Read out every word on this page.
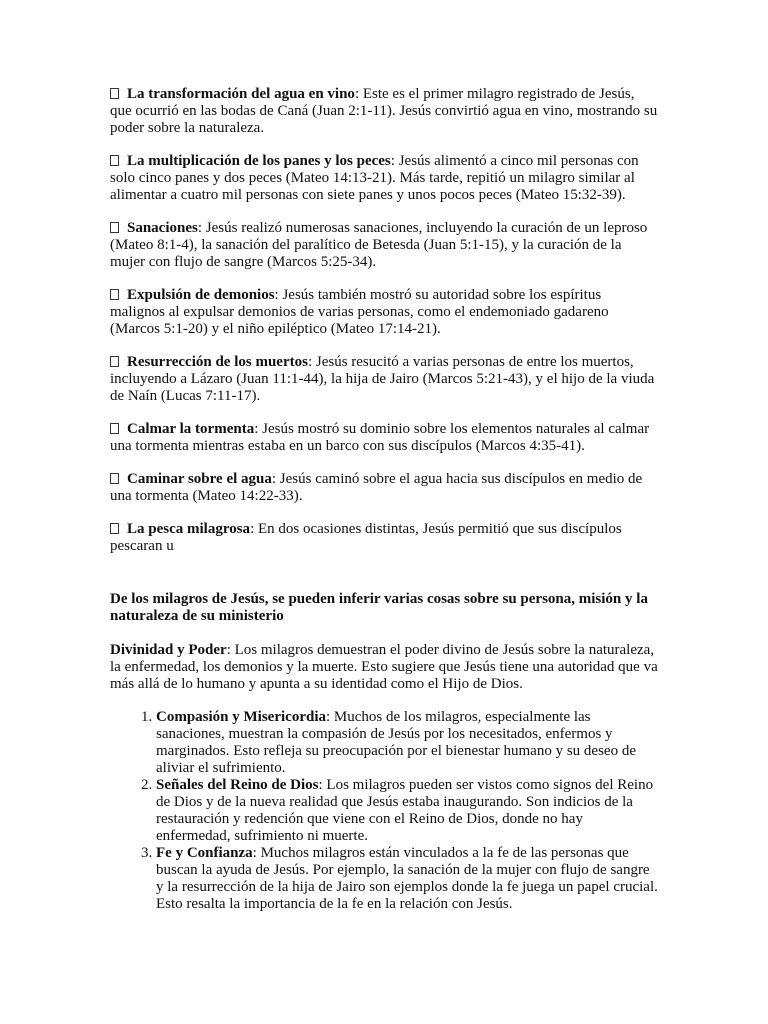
La transformación del agua en vino: Este es el primer milagro registrado de Jesús, que ocurrió en las bodas de Caná (Juan 2:1-11). Jesús convirtió agua en vino, mostrando su poder sobre la naturaleza.

La multiplicación de los panes y los peces: Jesús alimentó a cinco mil personas con solo cinco panes y dos peces (Mateo 14:13-21). Más tarde, repitió un milagro similar al alimentar a cuatro mil personas con siete panes y unos pocos peces (Mateo 15:32-39).

Sanaciones: Jesús realizó numerosas sanaciones, incluyendo la curación de un leproso (Mateo 8:1-4), la sanación del paralítico de Betesda (Juan 5:1-15), y la curación de la mujer con flujo de sangre (Marcos 5:25-34).

Expulsión de demonios: Jesús también mostró su autoridad sobre los espíritus malignos al expulsar demonios de varias personas, como el endemoniado gadareno (Marcos 5:1-20) y el niño epiléptico (Mateo 17:14-21).

Resurrección de los muertos: Jesús resucitó a varias personas de entre los muertos, incluyendo a Lázaro (Juan 11:1-44), la hija de Jairo (Marcos 5:21-43), y el hijo de la viuda de Naín (Lucas 7:11-17).

Calmar la tormenta: Jesús mostró su dominio sobre los elementos naturales al calmar una tormenta mientras estaba en un barco con sus discípulos (Marcos 4:35-41).

Caminar sobre el agua: Jesús caminó sobre el agua hacia sus discípulos en medio de una tormenta (Mateo 14:22-33).

La pesca milagrosa: En dos ocasiones distintas, Jesús permitió que sus discípulos pescaran u

De los milagros de Jesús, se pueden inferir varias cosas sobre su persona, misión y la naturaleza de su ministerio

Divinidad y Poder: Los milagros demuestran el poder divino de Jesús sobre la naturaleza, la enfermedad, los demonios y la muerte. Esto sugiere que Jesús tiene una autoridad que va más allá de lo humano y apunta a su identidad como el Hijo de Dios.

1. Compasión y Misericordia: Muchos de los milagros, especialmente las sanaciones, muestran la compasión de Jesús por los necesitados, enfermos y marginados. Esto refleja su preocupación por el bienestar humano y su deseo de aliviar el sufrimiento.
2. Señales del Reino de Dios: Los milagros pueden ser vistos como signos del Reino de Dios y de la nueva realidad que Jesús estaba inaugurando. Son indicios de la restauración y redención que viene con el Reino de Dios, donde no hay enfermedad, sufrimiento ni muerte.
3. Fe y Confianza: Muchos milagros están vinculados a la fe de las personas que buscan la ayuda de Jesús. Por ejemplo, la sanación de la mujer con flujo de sangre y la resurrección de la hija de Jairo son ejemplos donde la fe juega un papel crucial. Esto resalta la importancia de la fe en la relación con Jesús.
